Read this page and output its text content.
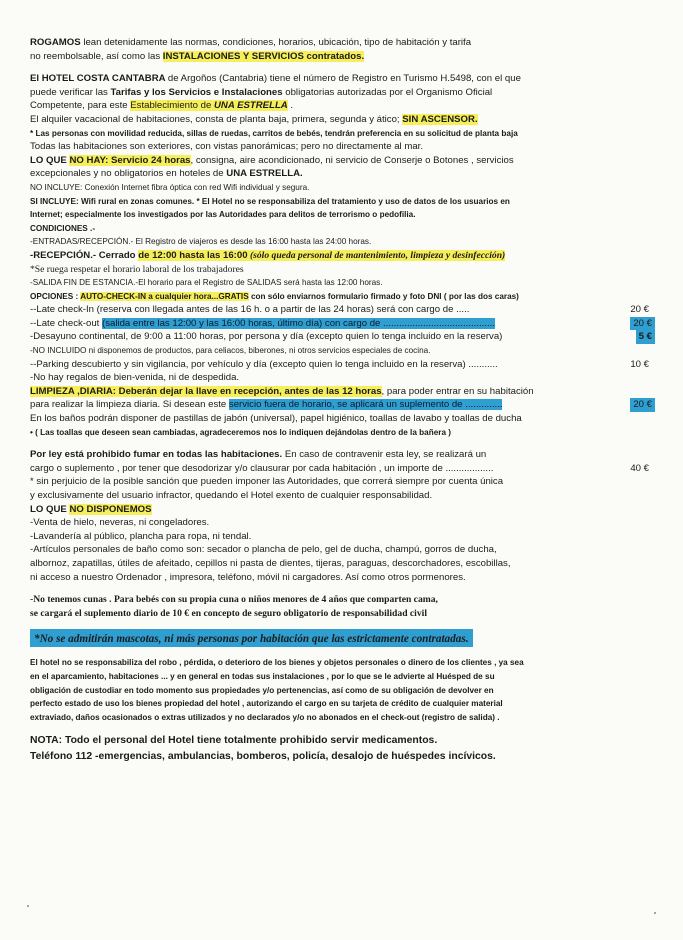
ROGAMOS lean detenidamente las normas, condiciones, horarios, ubicación, tipo de habitación y tarifa
no reembolsable, así como las INSTALACIONES Y SERVICIOS contratados.
El HOTEL COSTA CANTABRA de Argoños (Cantabria) tiene el número de Registro en Turismo H.5498, con el que
puede verificar las Tarifas y los Servicios e Instalaciones obligatorias autorizadas por el Organismo Oficial
Competente, para este Establecimiento de UNA ESTRELLA .
El alquiler vacacional de habitaciones, consta de planta baja, primera, segunda y ático; SIN ASCENSOR.
* Las personas con movilidad reducida, sillas de ruedas, carritos de bebés, tendrán preferencia en su solicitud de planta baja
Todas las habitaciones son exteriores, con vistas panorámicas; pero no directamente al mar.
LO QUE NO HAY: Servicio 24 horas, consigna, aire acondicionado, ni servicio de Conserje o Botones , servicios
excepcionales y no obligatorios en hoteles de UNA ESTRELLA.
NO INCLUYE: Conexión Internet fibra óptica con red Wifi individual y segura.
SI INCLUYE: Wifi rural en zonas comunes. * El Hotel no se responsabiliza del tratamiento y uso de datos de los usuarios en
Internet; especialmente los investigados por las Autoridades para delitos de terrorismo o pedofilia.
CONDICIONES .-
-ENTRADAS/RECEPCIÓN.- El Registro de viajeros es desde las 16:00 hasta las 24:00 horas.
-RECEPCIÓN.- Cerrado de 12:00 hasta las 16:00 (sólo queda personal de mantenimiento, limpieza y desinfección)
*Se ruega respetar el horario laboral de los trabajadores
-SALIDA FIN DE ESTANCIA.-El horario para el Registro de SALIDAS será hasta las 12:00 horas.
OPCIONES : AUTO-CHECK-IN a cualquier hora...GRATIS con sólo enviarnos formulario firmado y foto DNI ( por las dos caras)
--Late check-In (reserva con llegada antes de las 16 h. o a partir de las 24 horas) será con cargo de .....	20 €
--Late check-out (salida entre las 12:00 y las 16:00 horas, último día) con cargo de ..........................................	20 €
-Desayuno continental, de 9:00 a 11:00 horas, por persona y día (excepto quien lo tenga incluido en la reserva)	5 €
-NO INCLUIDO ni disponemos de productos, para celiacos, biberones, ni otros servicios especiales de cocina.
--Parking descubierto y sin vigilancia, por vehículo y día (excepto quien lo tenga incluido en la reserva) ...........	10 €
-No hay regalos de bien-venida, ni de despedida.
LIMPIEZA ,DIARIA: Deberán dejar la llave en recepción, antes de las 12 horas, para poder entrar en su habitación
para realizar la limpieza diaria. Si desean este servicio fuera de horario, se aplicará un suplemento de ..............	20 €
En los baños podrán disponer de pastillas de jabón (universal), papel higiénico, toallas de lavabo y toallas de ducha
• ( Las toallas que deseen sean cambiadas, agradeceremos nos lo indiquen dejándolas dentro de la bañera )
Por ley está prohibido fumar en todas las habitaciones. En caso de contravenir esta ley, se realizará un
cargo o suplemento , por tener que desodorizar y/o clausurar por cada habitación , un importe de ..................	40 €
* sin perjuicio de la posible sanción que pueden imponer las Autoridades, que correrá siempre por cuenta única
y exclusivamente del usuario infractor, quedando el Hotel exento de cualquier responsabilidad.
LO QUE NO DISPONEMOS
-Venta de hielo, neveras, ni congeladores.
-Lavandería al público, plancha para ropa, ni tendal.
-Artículos personales de baño como son: secador o plancha de pelo, gel de ducha, champú, gorros de ducha,
albornoz, zapatillas, útiles de afeitado, cepillos ni pasta de dientes, tijeras, paraguas, descorchadores, escobillas,
ni acceso a nuestro Ordenador , impresora, teléfono, móvil ni cargadores. Así como otros pormenores.
-No tenemos cunas . Para bebés con su propia cuna o niños menores de 4 años que comparten cama,
se cargará el suplemento diario de 10 € en concepto de seguro obligatorio de responsabilidad civil
*No se admitirán mascotas, ni más personas por habitación que las estrictamente contratadas.
El hotel no se responsabiliza del robo , pérdida, o deterioro de los bienes y objetos personales o dinero de los clientes , ya sea
en el aparcamiento, habitaciones ... y en general en todas sus instalaciones , por lo que se le advierte al Huésped de su
obligación de custodiar en todo momento sus propiedades y/o pertenencias, así como de su obligación de devolver en
perfecto estado de uso los bienes propiedad del hotel , autorizando el cargo en su tarjeta de crédito de cualquier material
extraviado, daños ocasionados o extras utilizados y no declarados y/o no abonados en el check-out (registro de salida) .
NOTA: Todo el personal del Hotel tiene totalmente prohibido servir medicamentos.
Teléfono 112 -emergencias, ambulancias, bomberos, policía, desalojo de huéspedes incívicos.
